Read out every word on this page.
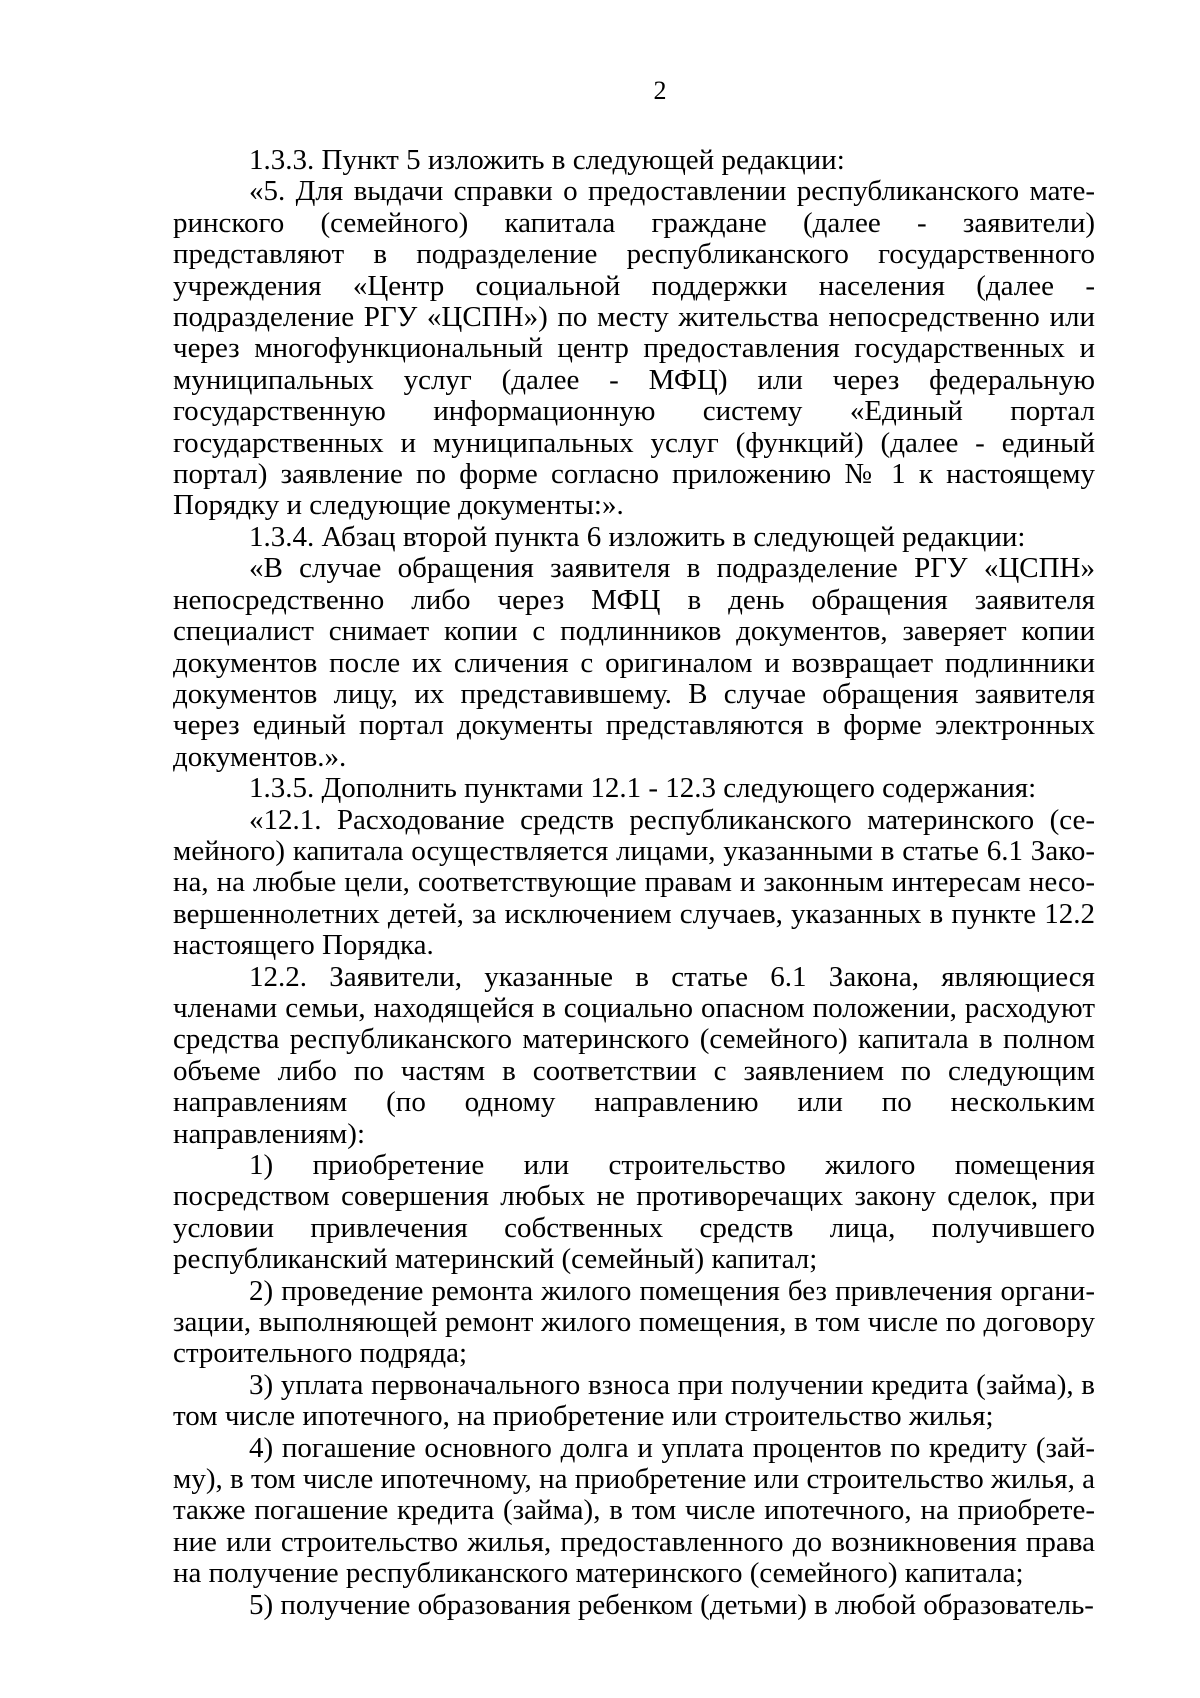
2

1.3.3. Пункт 5 изложить в следующей редакции:

«5. Для выдачи справки о предоставлении республиканского материнского (семейного) капитала граждане (далее - заявители) представляют в подразделение республиканского государственного учреждения «Центр социальной поддержки населения (далее - подразделение РГУ «ЦСПН») по месту жительства непосредственно или через многофункциональный центр предоставления государственных и муниципальных услуг (далее - МФЦ) или через федеральную государственную информационную систему «Единый портал государственных и муниципальных услуг (функций) (далее - единый портал) заявление по форме согласно приложению № 1 к настоящему Порядку и следующие документы:».

1.3.4. Абзац второй пункта 6 изложить в следующей редакции:

«В случае обращения заявителя в подразделение РГУ «ЦСПН» непосредственно либо через МФЦ в день обращения заявителя специалист снимает копии с подлинников документов, заверяет копии документов после их сличения с оригиналом и возвращает подлинники документов лицу, их представившему. В случае обращения заявителя через единый портал документы представляются в форме электронных документов.».

1.3.5. Дополнить пунктами 12.1 - 12.3 следующего содержания:

«12.1. Расходование средств республиканского материнского (семейного) капитала осуществляется лицами, указанными в статье 6.1 Закона, на любые цели, соответствующие правам и законным интересам несовершеннолетних детей, за исключением случаев, указанных в пункте 12.2 настоящего Порядка.

12.2. Заявители, указанные в статье 6.1 Закона, являющиеся членами семьи, находящейся в социально опасном положении, расходуют средства республиканского материнского (семейного) капитала в полном объеме либо по частям в соответствии с заявлением по следующим направлениям (по одному направлению или по нескольким направлениям):

1) приобретение или строительство жилого помещения посредством совершения любых не противоречащих закону сделок, при условии привлечения собственных средств лица, получившего республиканский материнский (семейный) капитал;

2) проведение ремонта жилого помещения без привлечения организации, выполняющей ремонт жилого помещения, в том числе по договору строительного подряда;

3) уплата первоначального взноса при получении кредита (займа), в том числе ипотечного, на приобретение или строительство жилья;

4) погашение основного долга и уплата процентов по кредиту (займу), в том числе ипотечному, на приобретение или строительство жилья, а также погашение кредита (займа), в том числе ипотечного, на приобретение или строительство жилья, предоставленного до возникновения права на получение республиканского материнского (семейного) капитала;

5) получение образования ребенком (детьми) в любой образователь-
